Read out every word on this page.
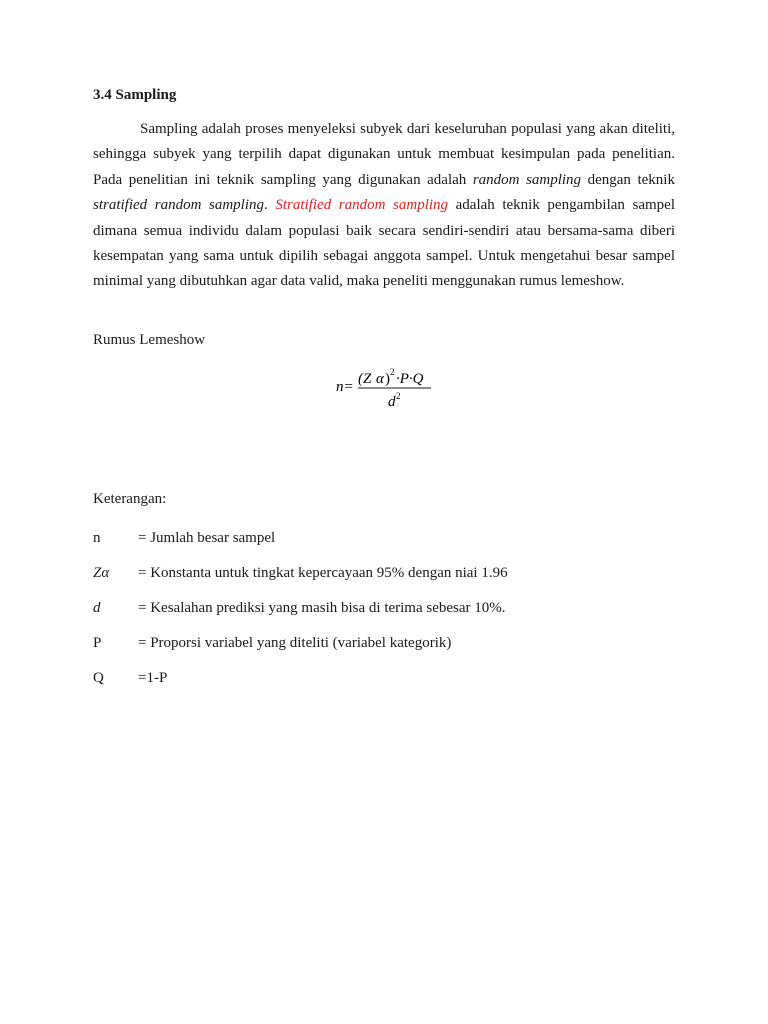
3.4 Sampling

Sampling adalah proses menyeleksi subyek dari keseluruhan populasi yang akan diteliti, sehingga subyek yang terpilih dapat digunakan untuk membuat kesimpulan pada penelitian. Pada penelitian ini teknik sampling yang digunakan adalah random sampling dengan teknik stratified random sampling. Stratified random sampling adalah teknik pengambilan sampel dimana semua individu dalam populasi baik secara sendiri-sendiri atau bersama-sama diberi kesempatan yang sama untuk dipilih sebagai anggota sampel. Untuk mengetahui besar sampel minimal yang dibutuhkan agar data valid, maka peneliti menggunakan rumus lemeshow.

Rumus Lemeshow

n= (Z α ) 2 ·P·Q
d 2

Keterangan:

n	= Jumlah besar sampel
Zα = Konstanta untuk tingkat kepercayaan 95% dengan niai 1.96
d	= Kesalahan prediksi yang masih bisa di terima sebesar 10%.
P = Proporsi variabel yang diteliti (variabel kategorik)
Q =1-P
